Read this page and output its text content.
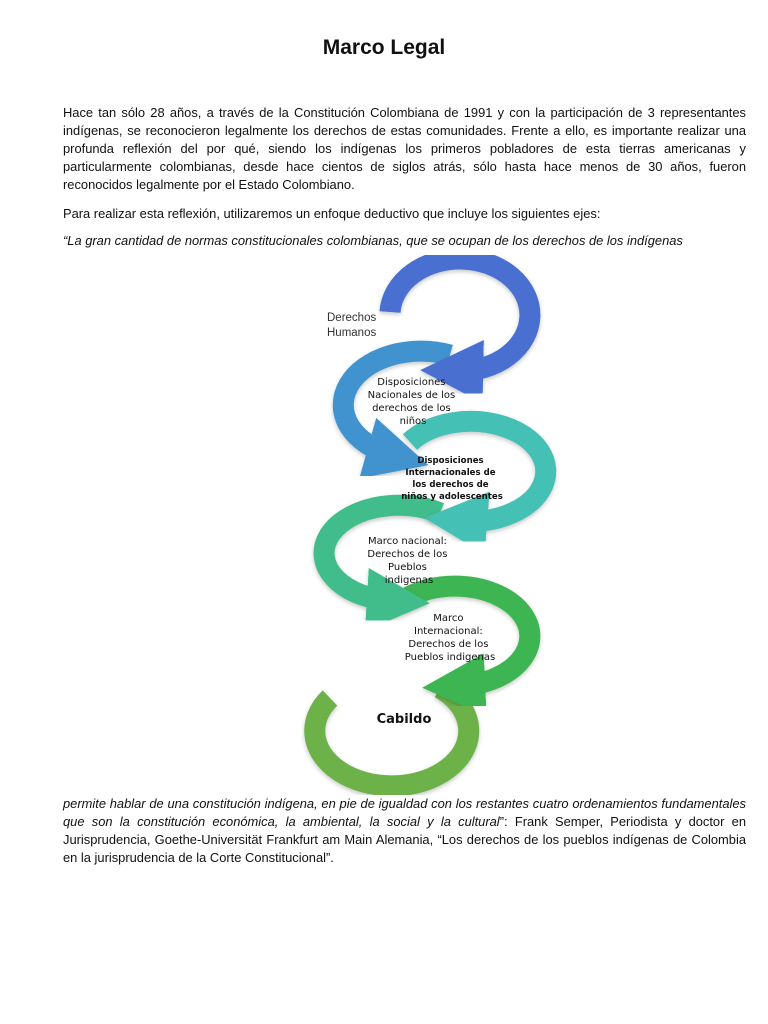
Marco Legal

Hace tan sólo 28 años, a través de la Constitución Colombiana de 1991 y con la participación de 3 representantes indígenas, se reconocieron legalmente los derechos de estas comunidades. Frente a ello, es importante realizar una profunda reflexión del por qué, siendo los indígenas los primeros pobladores de esta tierras americanas y particularmente colombianas, desde hace cientos de siglos atrás, sólo hasta hace menos de 30 años, fueron reconocidos legalmente por el Estado Colombiano.

Para realizar esta reflexión, utilizaremos un enfoque deductivo que incluye los siguientes ejes:

“La gran cantidad de normas constitucionales colombianas, que se ocupan de los derechos de los indígenas

Derechos Humanos
Disposiciones Nacionales de los derechos de los niños
Disposiciones Internacionales de los derechos de niños y adolescentes
Marco nacional: Derechos de los Pueblos indigenas
Marco Internacional: Derechos de los Pueblos indigenas
Cabildo

permite hablar de una constitución indígena, en pie de igualdad con los restantes cuatro ordenamientos fundamentales que son la constitución económica, la ambiental, la social y la cultural”: Frank Semper, Periodista y doctor en Jurisprudencia, Goethe-Universität Frankfurt am Main Alemania, “Los derechos de los pueblos indígenas de Colombia en la jurisprudencia de la Corte Constitucional”.
